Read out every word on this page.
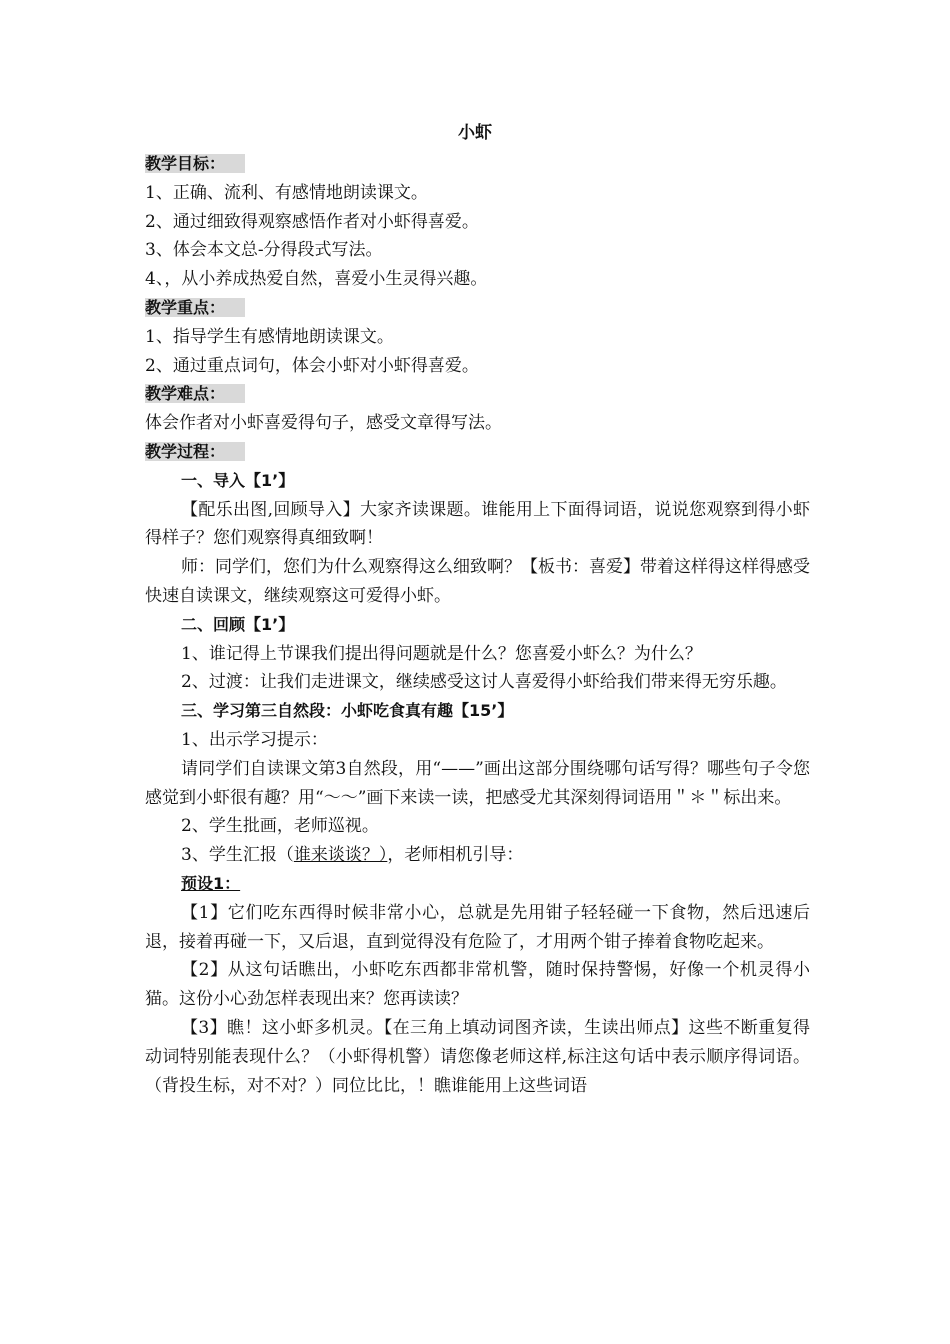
小虾
教学目标：
1、正确、流利、有感情地朗读课文。
2、通过细致得观察感悟作者对小虾得喜爱。
3、体会本文总-分得段式写法。
4、，从小养成热爱自然，喜爱小生灵得兴趣。
教学重点：
1、指导学生有感情地朗读课文。
2、通过重点词句，体会小虾对小虾得喜爱。
教学难点：
体会作者对小虾喜爱得句子，感受文章得写法。
教学过程：
一、导入【1’】
【配乐出图,回顾导入】大家齐读课题。谁能用上下面得词语，说说您观察到得小虾得样子？您们观察得真细致啊！
师：同学们，您们为什么观察得这么细致啊？【板书：喜爱】带着这样得这样得感受快速自读课文，继续观察这可爱得小虾。
二、回顾【1’】
1、谁记得上节课我们提出得问题就是什么？您喜爱小虾么？为什么？
2、过渡：让我们走进课文，继续感受这讨人喜爱得小虾给我们带来得无穷乐趣。
三、学习第三自然段：小虾吃食真有趣【15’】
1、出示学习提示：
请同学们自读课文第3自然段，用“——”画出这部分围绕哪句话写得？哪些句子令您感觉到小虾很有趣？用“～～”画下来读一读，把感受尤其深刻得词语用＂＊＂标出来。
2、学生批画，老师巡视。
3、学生汇报（谁来谈谈？），老师相机引导：
预设1：
【1】它们吃东西得时候非常小心，总就是先用钳子轻轻碰一下食物，然后迅速后退，接着再碰一下，又后退，直到觉得没有危险了，才用两个钳子捧着食物吃起来。
【2】从这句话瞧出，小虾吃东西都非常机警，随时保持警惕，好像一个机灵得小猫。这份小心劲怎样表现出来？您再读读？
【3】瞧！这小虾多机灵。【在三角上填动词图齐读，生读出师点】这些不断重复得动词特别能表现什么？（小虾得机警）请您像老师这样,标注这句话中表示顺序得词语。（背投生标，对不对？）同位比比，！瞧谁能用上这些词语
